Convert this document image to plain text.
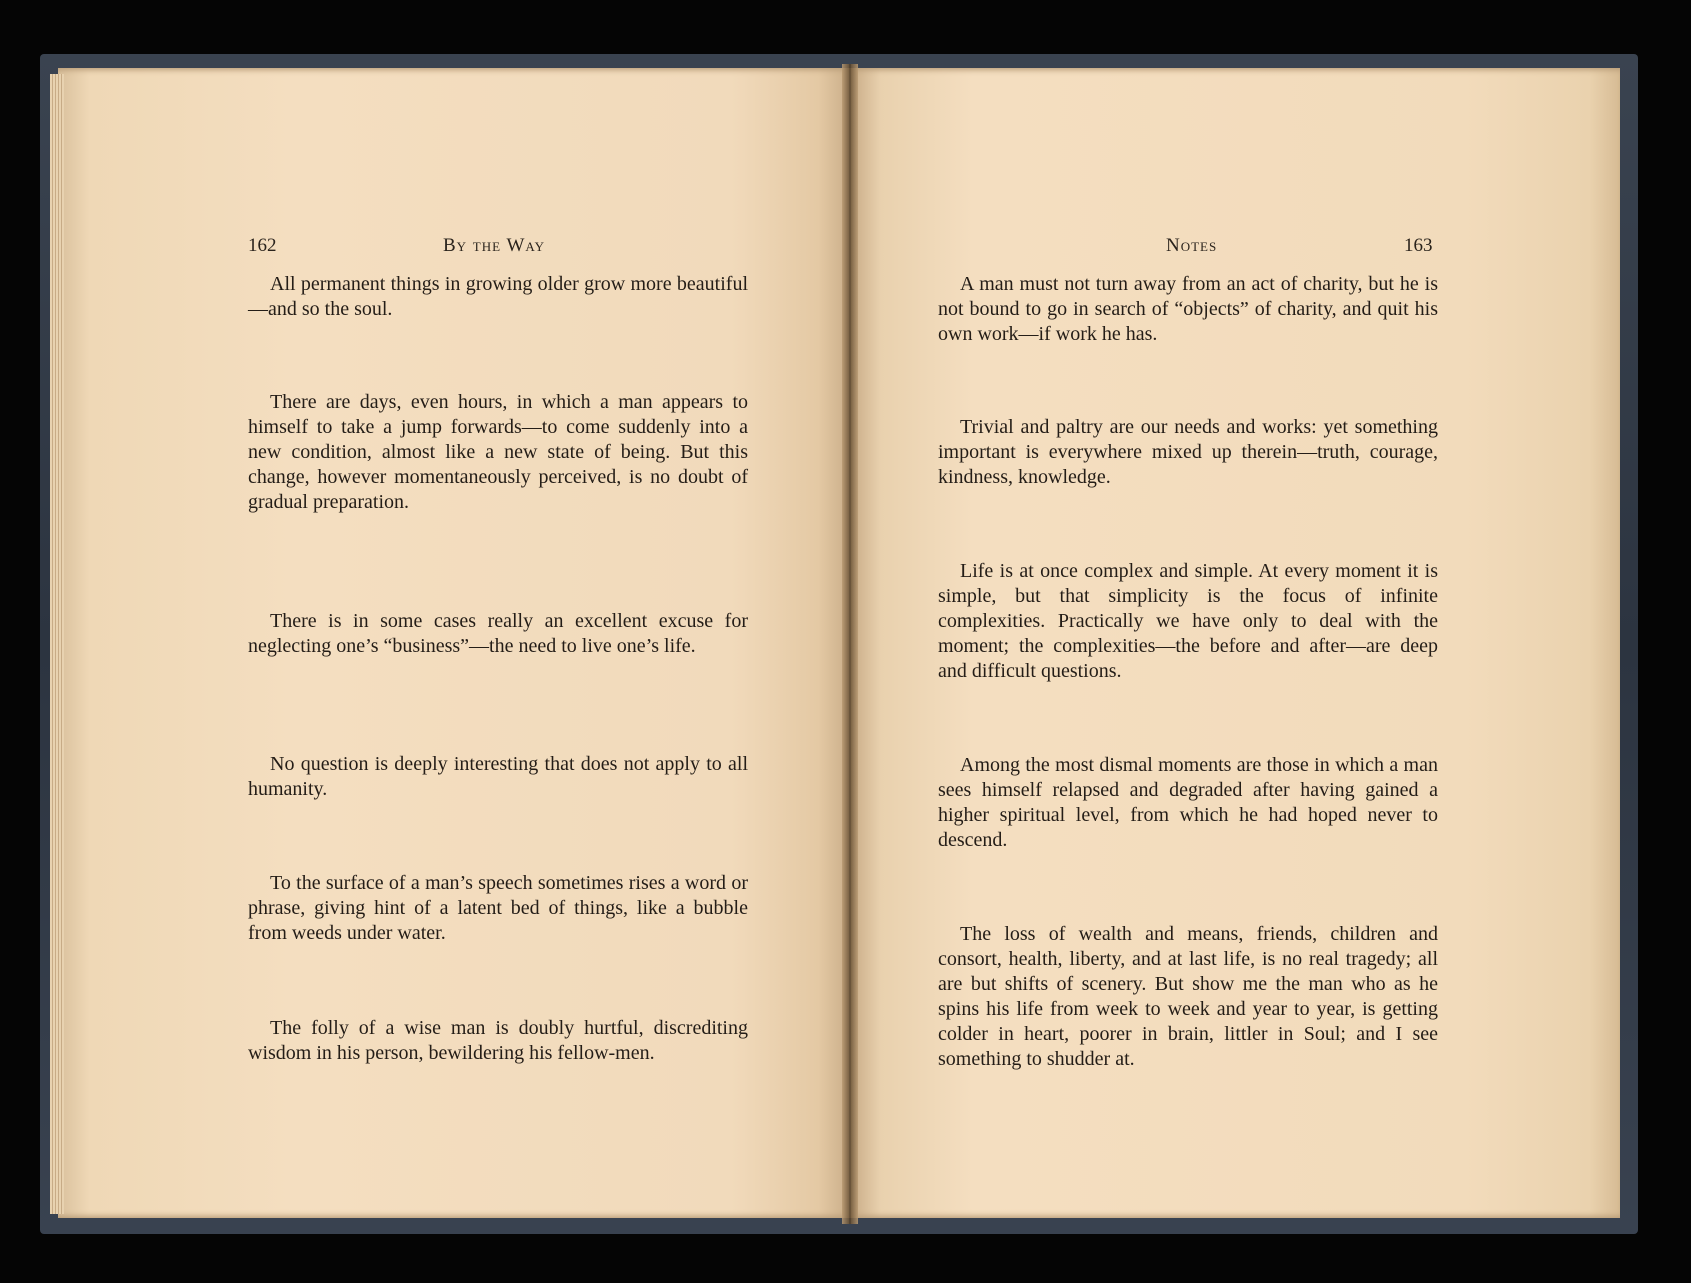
162	By the Way

All permanent things in growing older grow more beautiful—and so the soul.

There are days, even hours, in which a man appears to himself to take a jump forwards—to come suddenly into a new condition, almost like a new state of being. But this change, however momentaneously perceived, is no doubt of gradual preparation.

There is in some cases really an excellent excuse for neglecting one’s “business”—the need to live one’s life.

No question is deeply interesting that does not apply to all humanity.

To the surface of a man’s speech sometimes rises a word or phrase, giving hint of a latent bed of things, like a bubble from weeds under water.

The folly of a wise man is doubly hurtful, discrediting wisdom in his person, bewildering his fellow-men.

Notes	163

A man must not turn away from an act of charity, but he is not bound to go in search of “objects” of charity, and quit his own work—if work he has.

Trivial and paltry are our needs and works: yet something important is everywhere mixed up therein—truth, courage, kindness, knowledge.

Life is at once complex and simple. At every moment it is simple, but that simplicity is the focus of infinite complexities. Practically we have only to deal with the moment; the complexities—the before and after—are deep and difficult questions.

Among the most dismal moments are those in which a man sees himself relapsed and degraded after having gained a higher spiritual level, from which he had hoped never to descend.

The loss of wealth and means, friends, children and consort, health, liberty, and at last life, is no real tragedy; all are but shifts of scenery. But show me the man who as he spins his life from week to week and year to year, is getting colder in heart, poorer in brain, littler in Soul; and I see something to shudder at.
